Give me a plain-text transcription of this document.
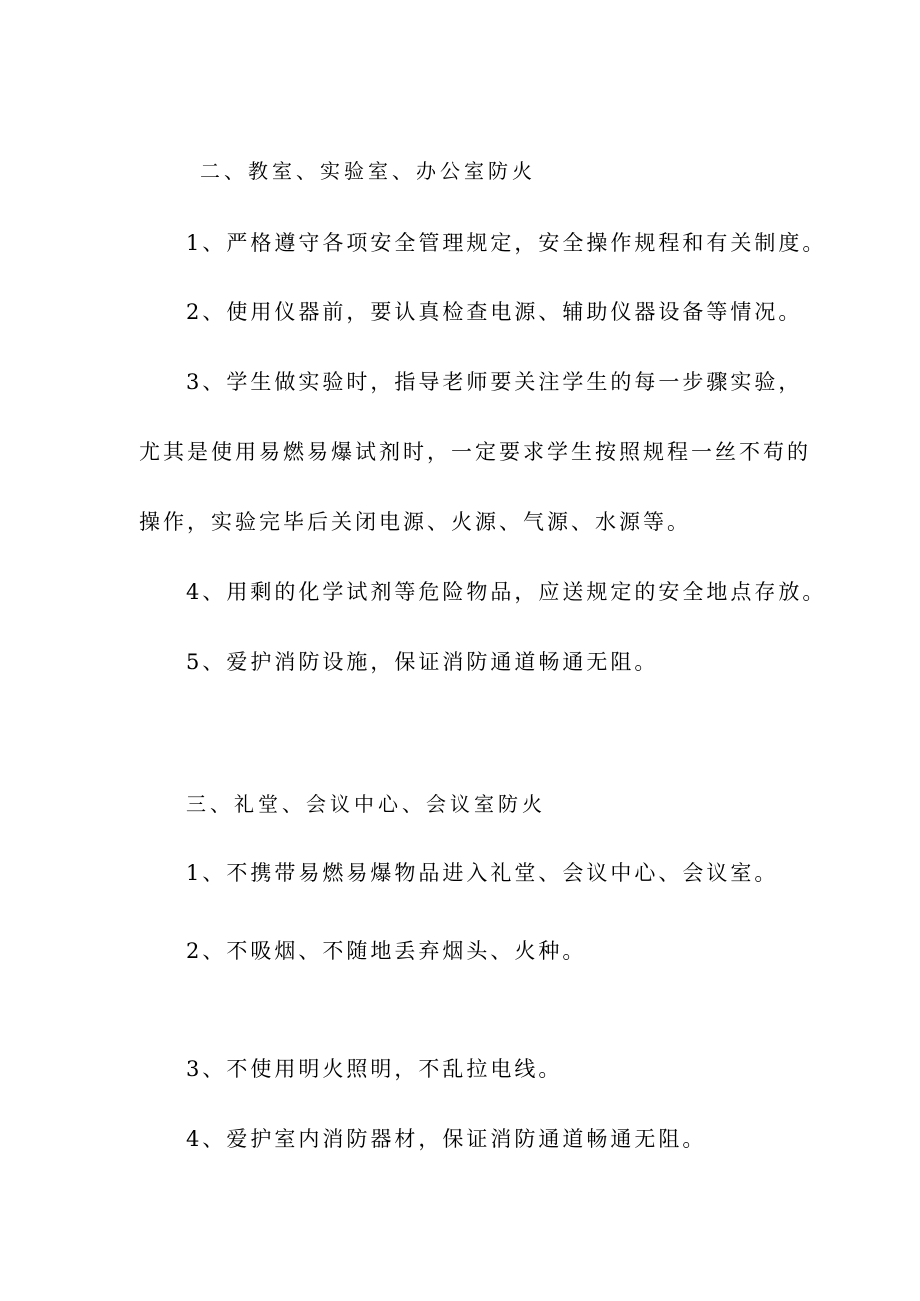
二、教室、实验室、办公室防火
1、严格遵守各项安全管理规定，安全操作规程和有关制度。
2、使用仪器前，要认真检查电源、辅助仪器设备等情况。
3、学生做实验时，指导老师要关注学生的每一步骤实验，
尤其是使用易燃易爆试剂时，一定要求学生按照规程一丝不苟的
操作，实验完毕后关闭电源、火源、气源、水源等。
4、用剩的化学试剂等危险物品，应送规定的安全地点存放。
5、爱护消防设施，保证消防通道畅通无阻。
三、礼堂、会议中心、会议室防火
1、不携带易燃易爆物品进入礼堂、会议中心、会议室。
2、不吸烟、不随地丢弃烟头、火种。
3、不使用明火照明，不乱拉电线。
4、爱护室内消防器材，保证消防通道畅通无阻。
